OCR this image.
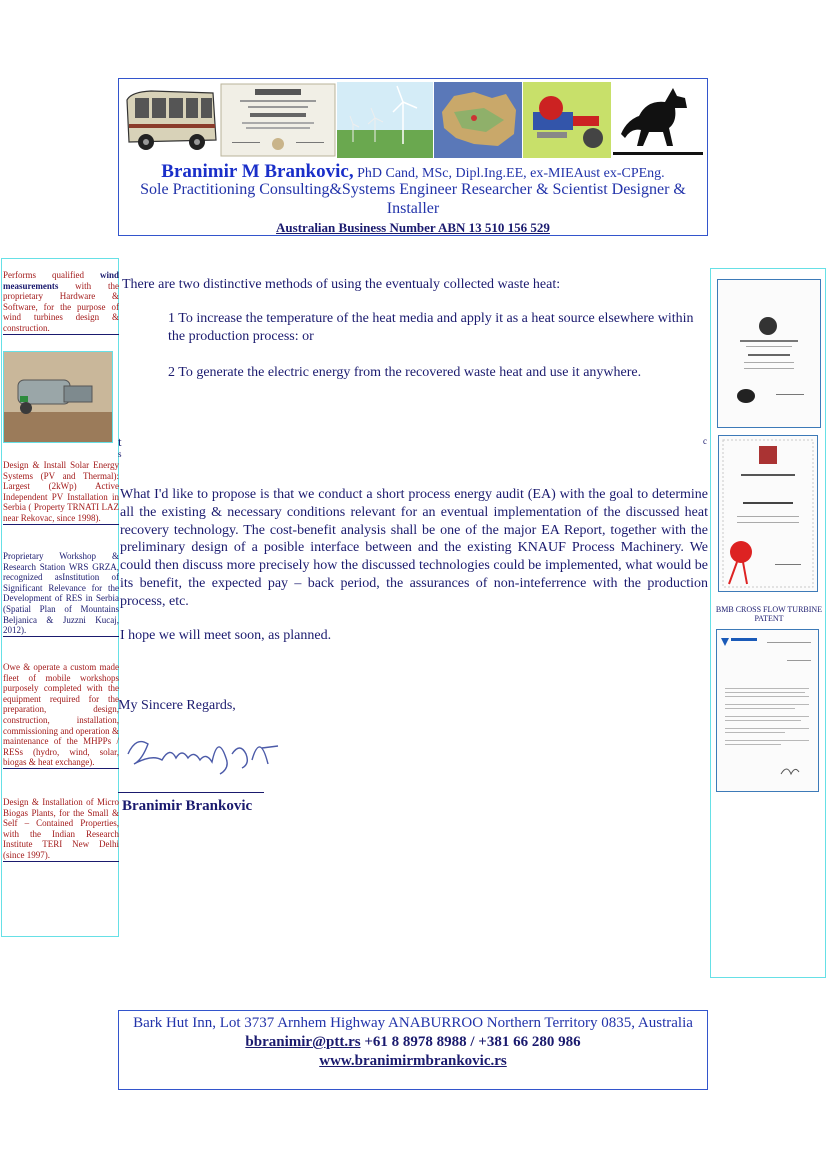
Branimir M Brankovic, PhD Cand, MSc, Dipl.Ing.EE, ex-MIEAust ex-CPEng.
Sole Practitioning Consulting&Systems Engineer Researcher & Scientist Designer & Installer
Australian Business Number ABN 13 510 156 529
Performs qualified wind measurements with the proprietary Hardware & Software, for the purpose of wind turbines design & construction.
Design & Install Solar Energy Systems (PV and Thermal): Largest (2kWp) Active Independent PV Installation in Serbia ( Property TRNATI LAZ near Rekovac, since 1998).
Proprietary Workshop & Research Station WRS GRZA, recognized asInstitution of Significant Relevance for the Development of RES in Serbia (Spatial Plan of Mountains Beljanica & Juzzni Kucaj, 2012).
Owe & operate a custom made fleet of mobile workshops purposely completed with the equipment required for the preparation, design, construction, installation, commissioning and operation & maintenance of the MHPPs / RESs (hydro, wind, solar, biogas & heat exchange).
Design & Installation of Micro Biogas Plants, for the Small & Self – Contained Properties, with the Indian Research Institute TERI New Delhi (since 1997).
BMB CROSS FLOW TURBINE PATENT
There are two distinctive methods of using the eventualy collected waste heat:
1 To increase the temperature of the heat media and apply it as a heat source elsewhere within the production process: or
2 To generate the electric energy from the recovered waste heat and use it anywhere.
t
s
c
What I'd like to propose is that we conduct a short process energy audit (EA) with the goal to determine all the existing & necessary conditions relevant for an eventual implementation of the discussed heat recovery technology. The cost-benefit analysis shall be one of the major EA Report, together with the preliminary design of a posible interface between and the existing KNAUF Process Machinery. We could then discuss more precisely how the discussed technologies could be implemented, what would be its benefit, the expected pay – back period, the assurances of non-inteferrence with the production process, etc.
I hope we will meet soon, as planned.
My Sincere Regards,
Branimir Brankovic
Bark Hut Inn, Lot 3737 Arnhem Highway ANABURROO Northern Territory 0835, Australia
bbranimir@ptt.rs +61 8 8978 8988 / +381 66 280 986
www.branimirmbrankovic.rs
